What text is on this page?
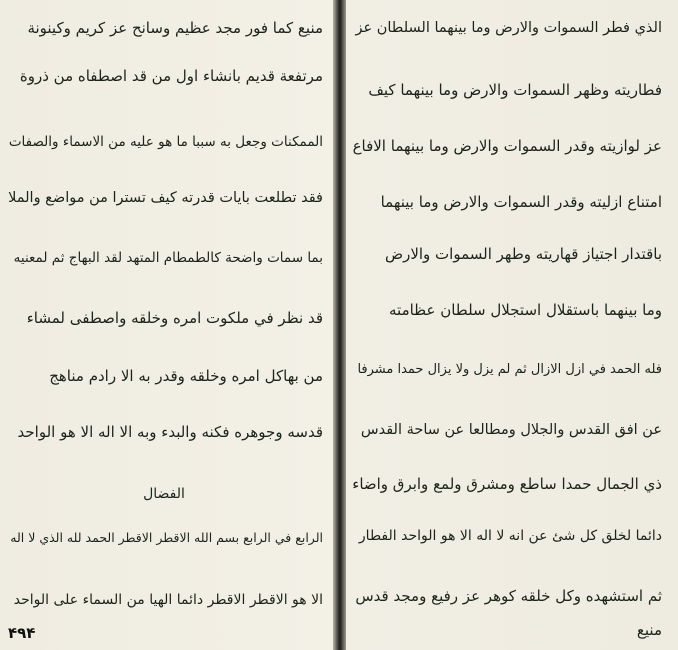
منيع كما فور مجد عظيم وسانح عز كريم وكينونة
مرتفعة قديم بانشاء اول من قد اصطفاه من ذروة
الممكنات وجعل به سببا ما هو عليه من الاسماء والصفات
فقد تطلعت بايات قدرته كيف تسترا من مواضع والملا
بما سمات واضحة كالطمطام المتهد لقد البهاج ثم لمعنيه
قد نظر في ملكوت امره وخلقه واصطفى لمشاء
من بهاكل امره وخلقه وقدر به الا رادم مناهج
قدسه وجوهره فكنه والبدء وبه الا اله الا هو الواحد
الفضال
الرابع في الرابع بسم الله الاقطر الاقطر الحمد لله الذي لا اله
الا هو الاقطر الاقطر دائما الهيا من السماء على الواحد
۴۹۴
الذي فطر السموات والارض وما بينهما السلطان عز
فطاريته وظهر السموات والارض وما بينهما كيف
عز لوازيته وقدر السموات والارض وما بينهما الافاع
امتناع ازليته وقدر السموات والارض وما بينهما
باقتدار اجتياز قهاريته وطهر السموات والارض
وما بينهما باستقلال استجلال سلطان عظامته
فله الحمد في ازل الازال ثم لم يزل ولا يزال حمدا مشرفا
عن افق القدس والجلال ومطالعا عن ساحة القدس
ذي الجمال حمدا ساطع ومشرق ولمع وابرق واضاء
دائما لخلق كل شئ عن انه لا اله الا هو الواحد الفطار
ثم استشهده وكل خلقه كوهر عز رفيع ومجد قدس
منيع
